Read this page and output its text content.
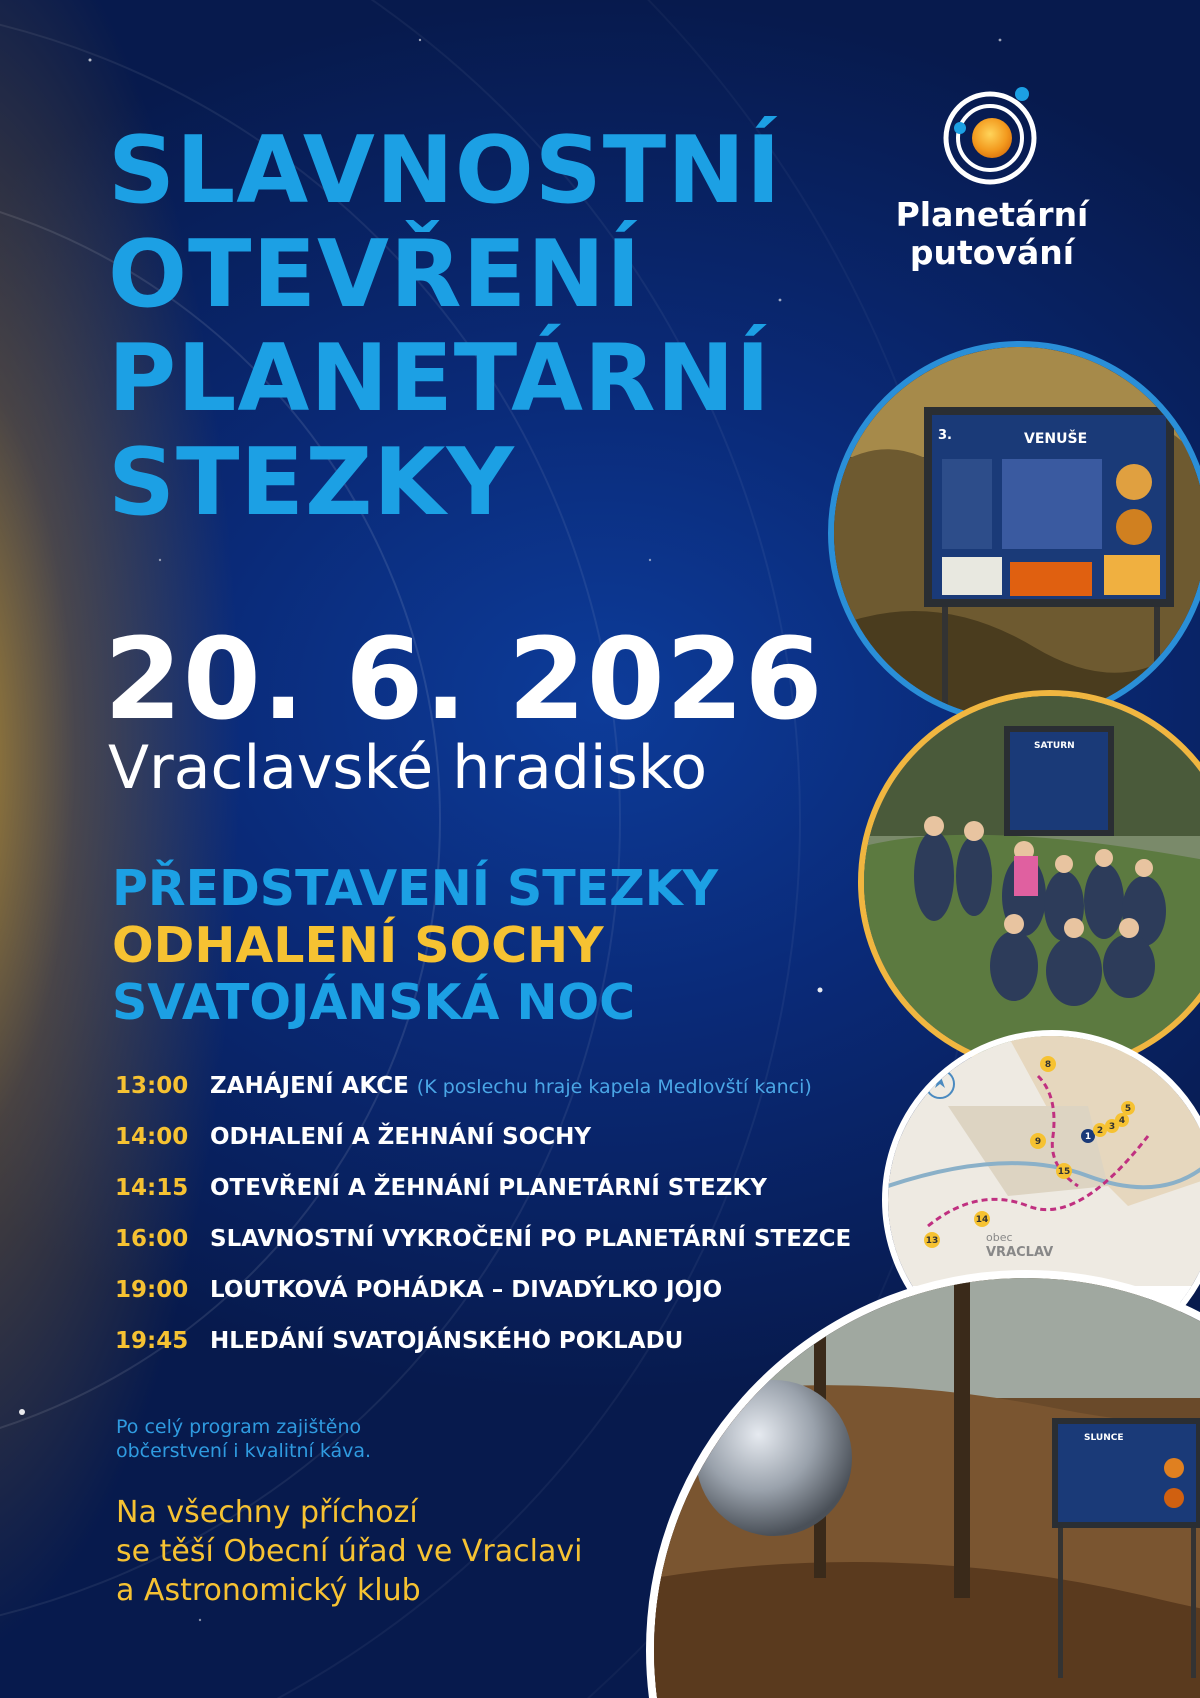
SLAVNOSTNÍ
OTEVŘENÍ
PLANETÁRNÍ
STEZKY
20. 6. 2026
Vraclavské hradisko
PŘEDSTAVENÍ STEZKY
ODHALENÍ SOCHY
SVATOJÁNSKÁ NOC
13:00 ZAHÁJENÍ AKCE (K poslechu hraje kapela Medlovští kanci)
14:00 ODHALENÍ A ŽEHNÁNÍ SOCHY
14:15 OTEVŘENÍ A ŽEHNÁNÍ PLANETÁRNÍ STEZKY
16:00 SLAVNOSTNÍ VYKROČENÍ PO PLANETÁRNÍ STEZCE
19:00 LOUTKOVÁ POHÁDKA – DIVADÝLKO JOJO
19:45 HLEDÁNÍ SVATOJÁNSKÉHO POKLADU
Po celý program zajištěno
občerstvení i kvalitní káva.
Na všechny příchozí
se těší Obecní úřad ve Vraclavi
a Astronomický klub
Planetární
putování
3.	VENUŠE
SATURN
N	8
9
15
14
13
1
2 3
4
5
obec
VRACLAV
SLUNCE
